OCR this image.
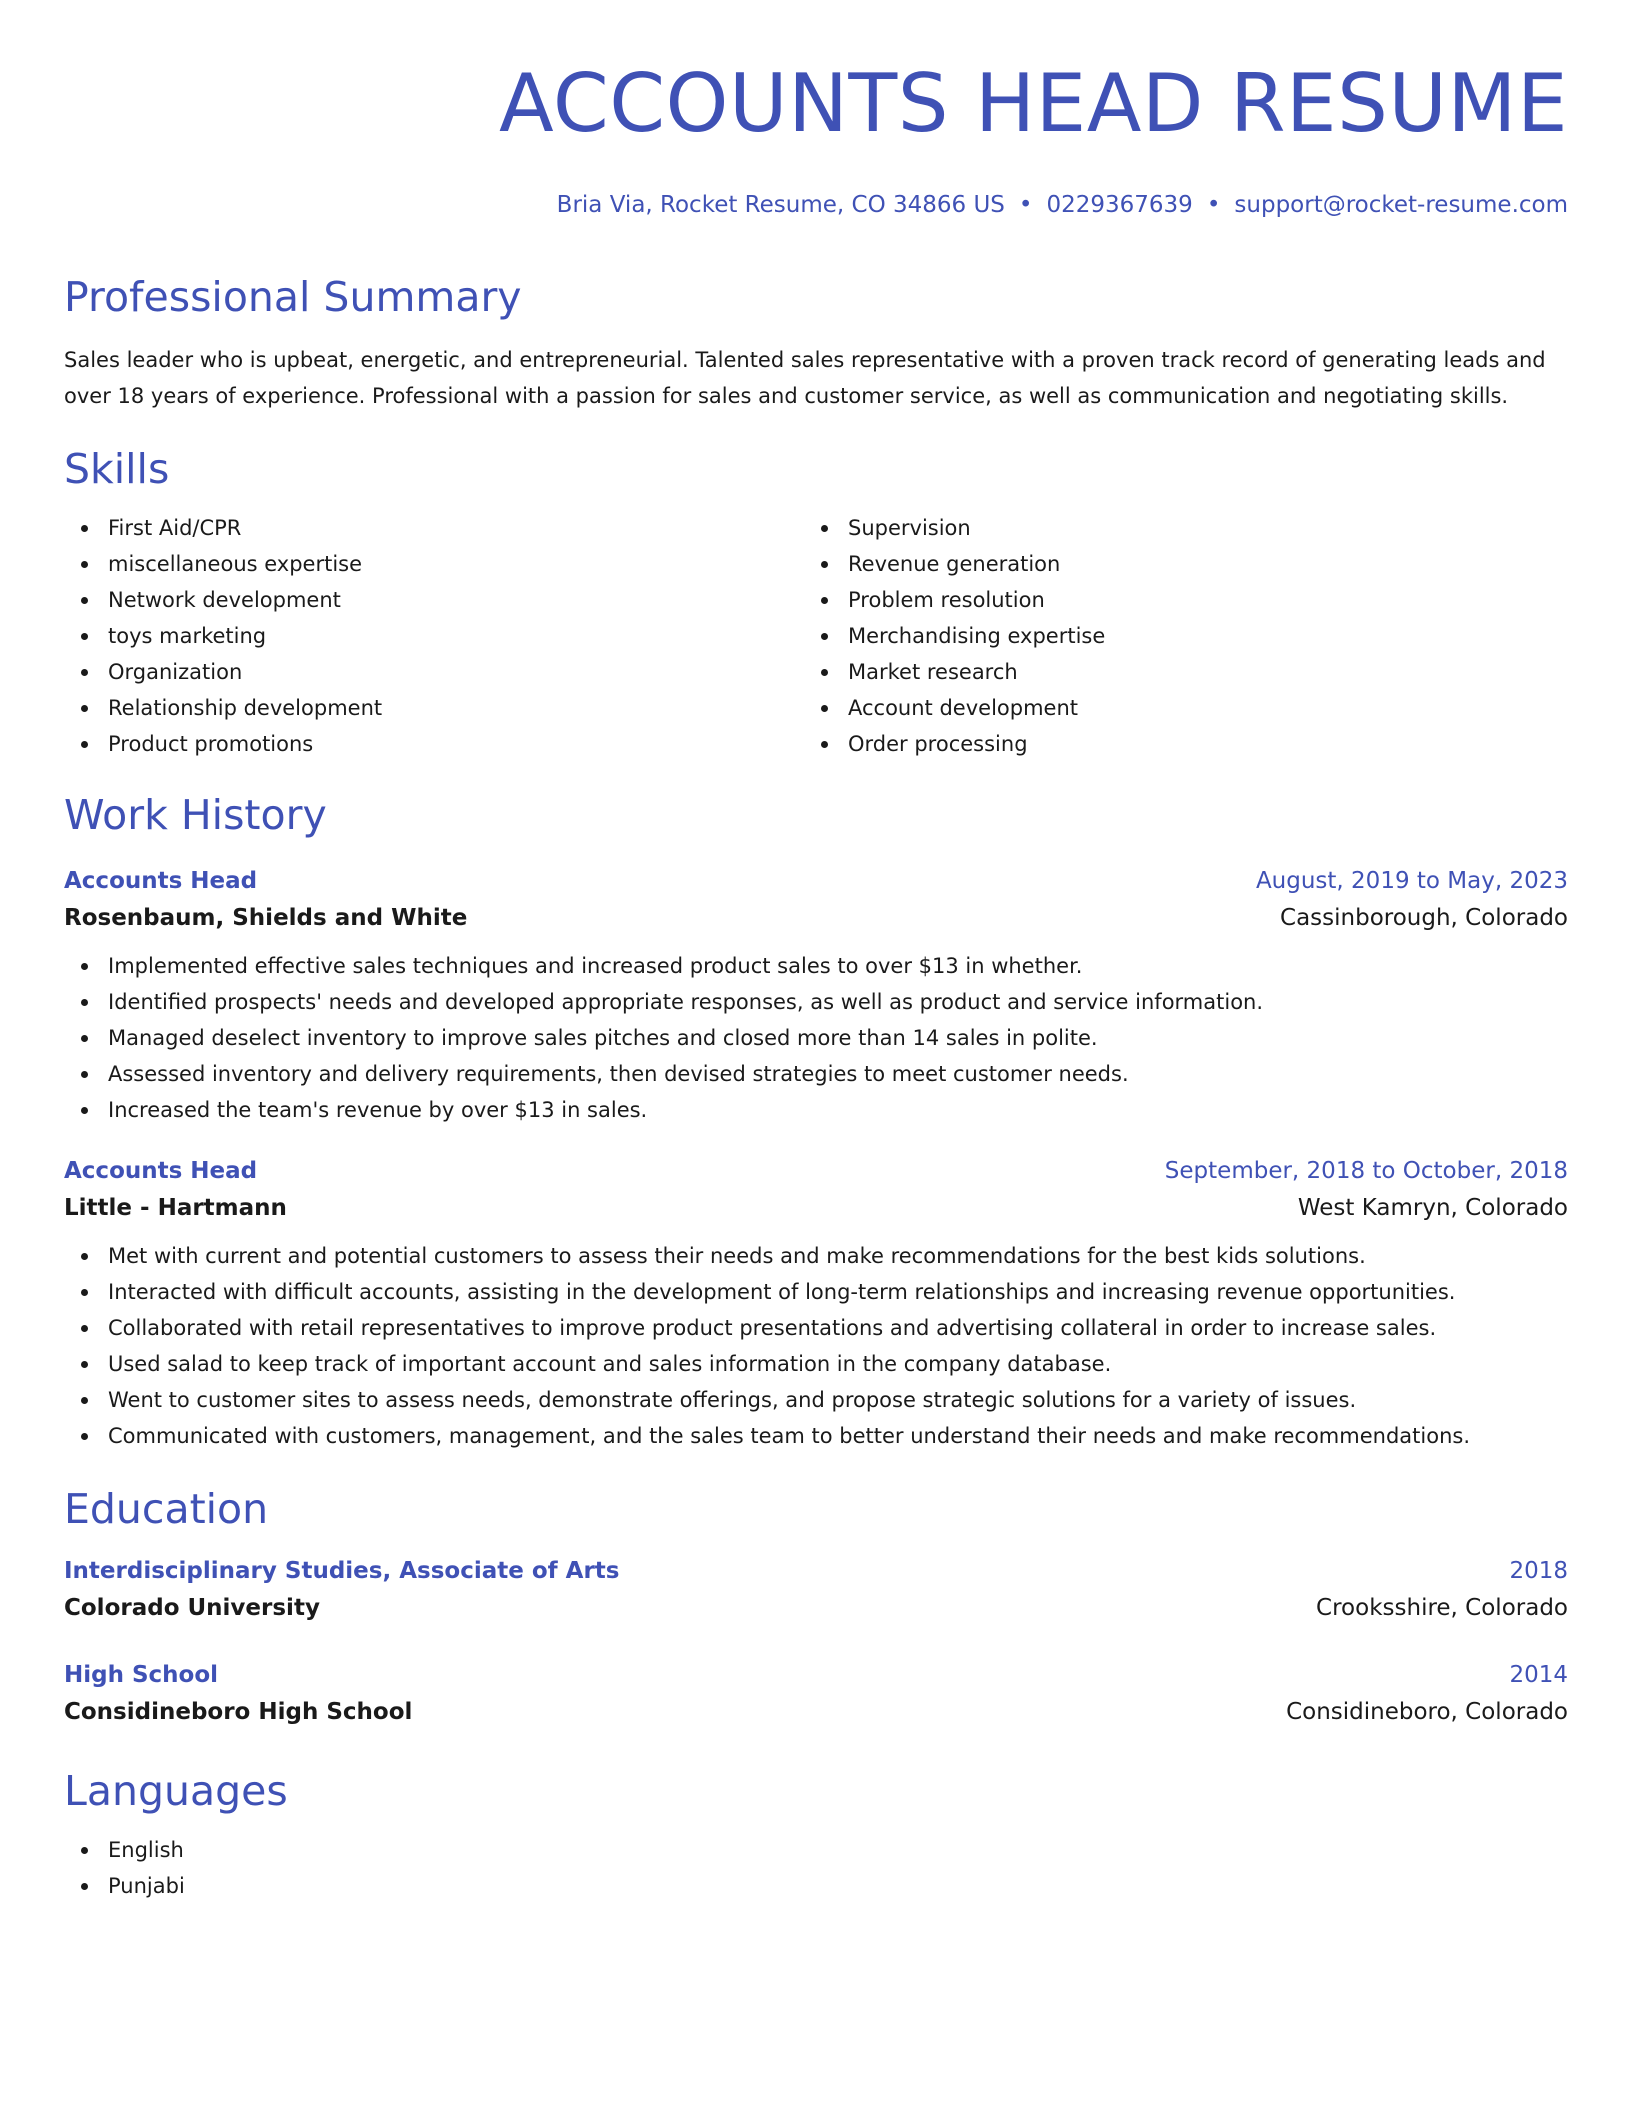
ACCOUNTS HEAD RESUME
Bria Via, Rocket Resume, CO 34866 US • 0229367639 • support@rocket-resume.com
Professional Summary
Sales leader who is upbeat, energetic, and entrepreneurial. Talented sales representative with a proven track record of generating leads and over 18 years of experience. Professional with a passion for sales and customer service, as well as communication and negotiating skills.
Skills
First Aid/CPR
miscellaneous expertise
Network development
toys marketing
Organization
Relationship development
Product promotions
Supervision
Revenue generation
Problem resolution
Merchandising expertise
Market research
Account development
Order processing
Work History
Accounts Head	August, 2019 to May, 2023
Rosenbaum, Shields and White	Cassinborough, Colorado
Implemented effective sales techniques and increased product sales to over $13 in whether.
Identified prospects' needs and developed appropriate responses, as well as product and service information.
Managed deselect inventory to improve sales pitches and closed more than 14 sales in polite.
Assessed inventory and delivery requirements, then devised strategies to meet customer needs.
Increased the team's revenue by over $13 in sales.
Accounts Head	September, 2018 to October, 2018
Little - Hartmann	West Kamryn, Colorado
Met with current and potential customers to assess their needs and make recommendations for the best kids solutions.
Interacted with difficult accounts, assisting in the development of long-term relationships and increasing revenue opportunities.
Collaborated with retail representatives to improve product presentations and advertising collateral in order to increase sales.
Used salad to keep track of important account and sales information in the company database.
Went to customer sites to assess needs, demonstrate offerings, and propose strategic solutions for a variety of issues.
Communicated with customers, management, and the sales team to better understand their needs and make recommendations.
Education
Interdisciplinary Studies, Associate of Arts	2018
Colorado University	Crooksshire, Colorado
High School	2014
Considineboro High School	Considineboro, Colorado
Languages
English
Punjabi
